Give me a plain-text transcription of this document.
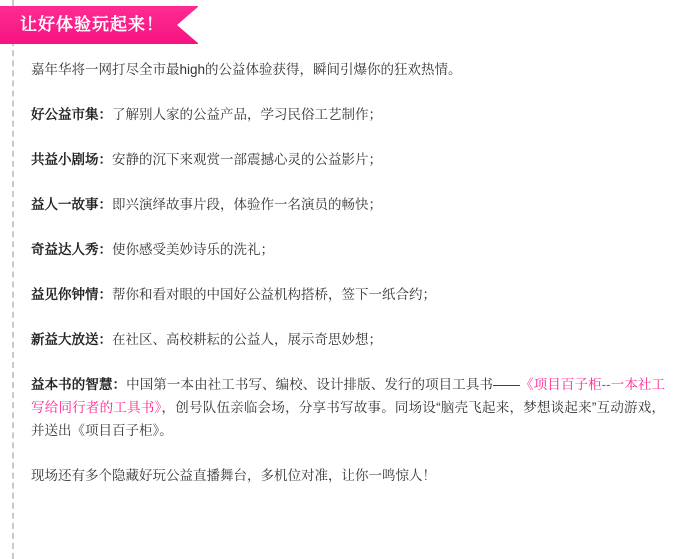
让好体验玩起来！

嘉年华将一网打尽全市最high的公益体验获得，瞬间引爆你的狂欢热情。

好公益市集：了解别人家的公益产品，学习民俗工艺制作；

共益小剧场：安静的沉下来观赏一部震撼心灵的公益影片；

益人一故事：即兴演绎故事片段，体验作一名演员的畅快；

奇益达人秀：使你感受美妙诗乐的洗礼；

益见你钟情：帮你和看对眼的中国好公益机构搭桥，签下一纸合约；

新益大放送：在社区、高校耕耘的公益人，展示奇思妙想；

益本书的智慧：中国第一本由社工书写、编校、设计排版、发行的项目工具书——《项目百子柜--一本社工写给同行者的工具书》，创号队伍亲临会场，分享书写故事。同场设“脑壳飞起来，梦想谈起来”互动游戏，并送出《项目百子柜》。

现场还有多个隐藏好玩公益直播舞台，多机位对准，让你一鸣惊人！
